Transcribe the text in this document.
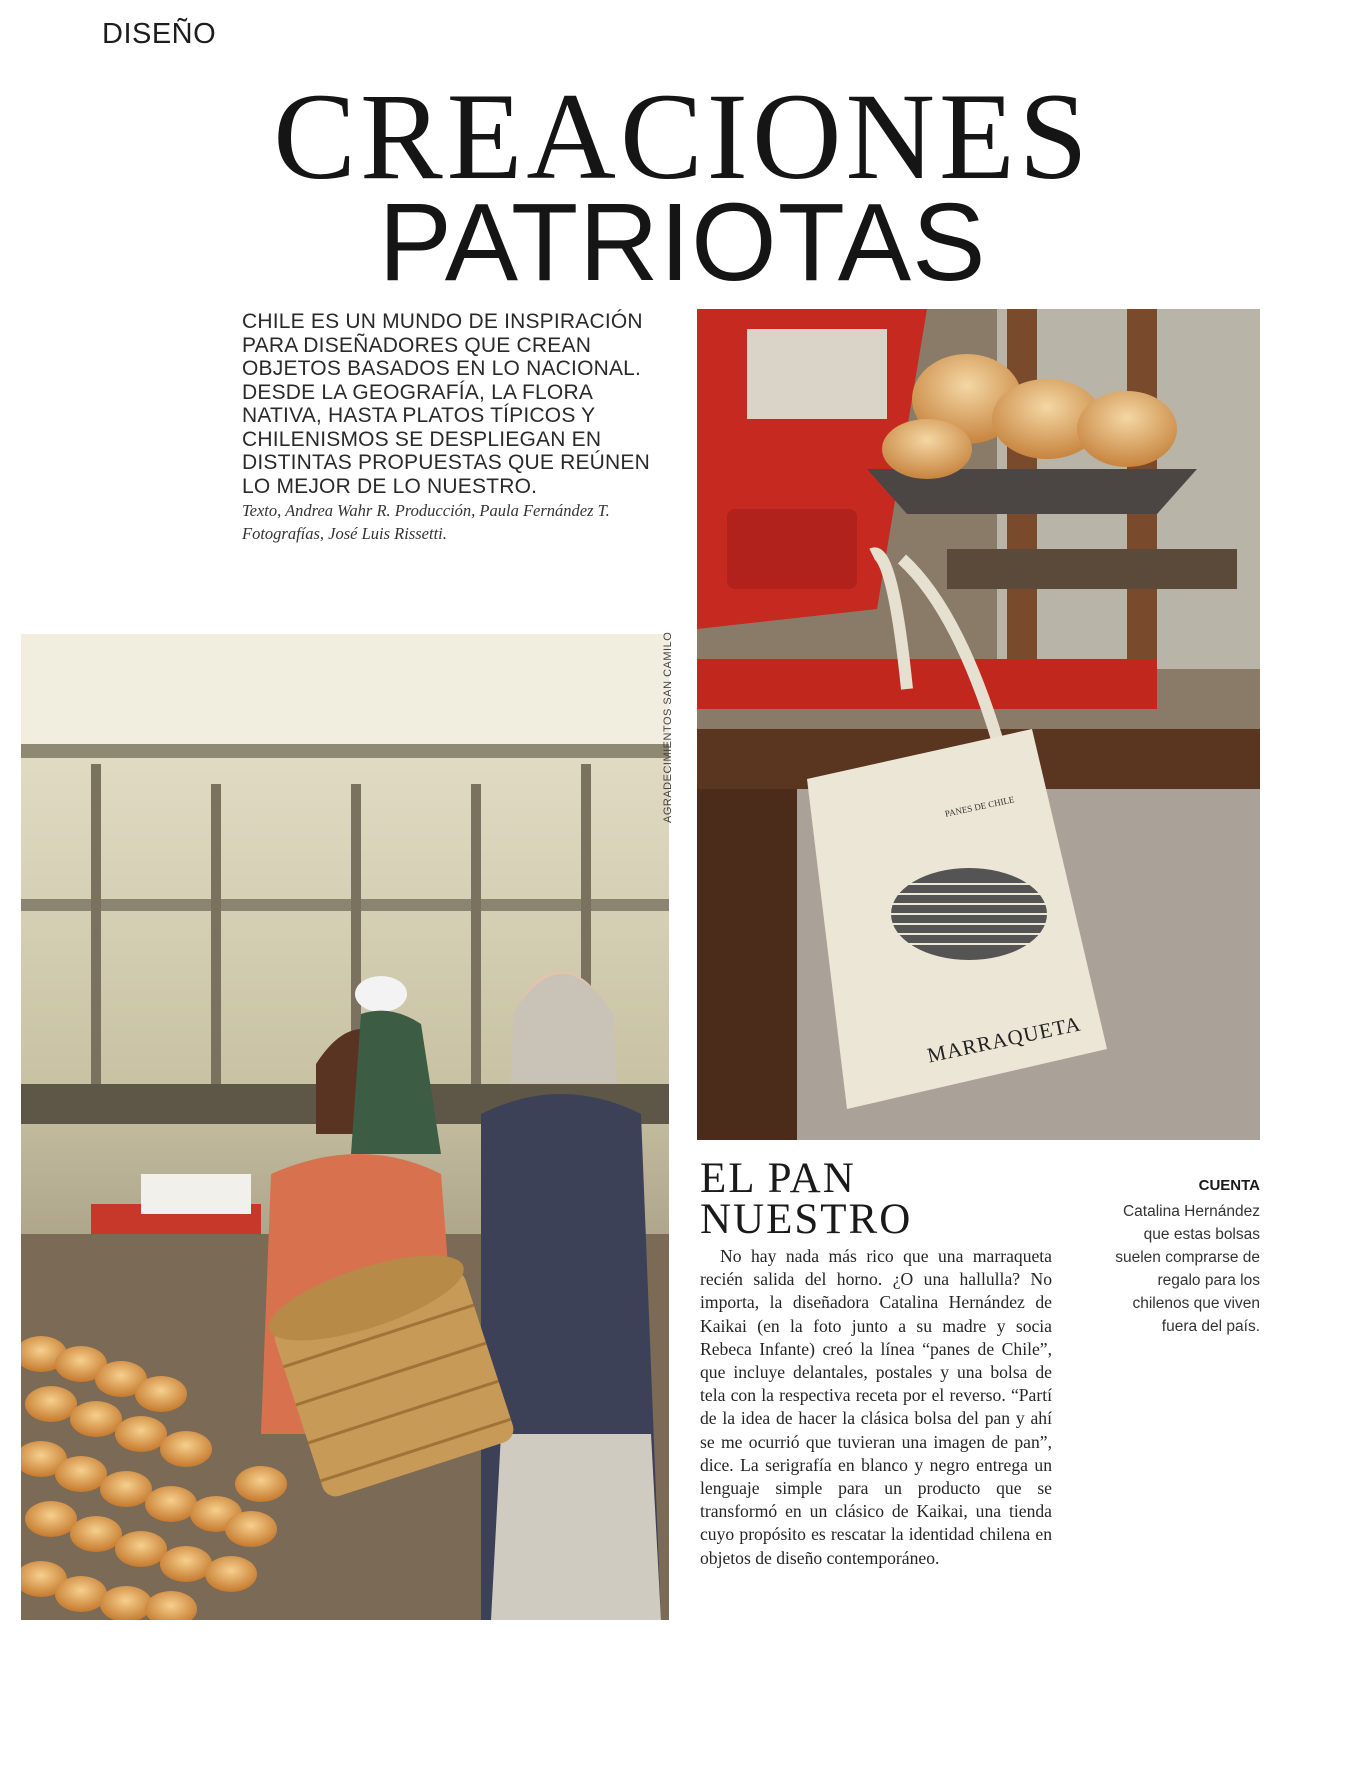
DISEÑO
CREACIONES
PATRIOTAS
CHILE ES UN MUNDO DE INSPIRACIÓN PARA DISEÑADORES QUE CREAN OBJETOS BASADOS EN LO NACIONAL. DESDE LA GEOGRAFÍA, LA FLORA NATIVA, HASTA PLATOS TÍPICOS Y CHILENISMOS SE DESPLIEGAN EN DISTINTAS PROPUESTAS QUE REÚNEN LO MEJOR DE LO NUESTRO.
Texto, Andrea Wahr R. Producción, Paula Fernández T.
Fotografías, José Luis Rissetti.
AGRADECIMIENTOS SAN CAMILO	PANES DE CHILE
MARRAQUETA
EL PAN
NUESTRO
No hay nada más rico que una marraqueta recién salida del horno. ¿O una hallulla? No importa, la diseñadora Catalina Hernández de Kaikai (en la foto junto a su madre y socia Rebeca Infante) creó la línea “panes de Chile”, que incluye delantales, postales y una bolsa de tela con la respectiva receta por el reverso. “Partí de la idea de hacer la clásica bolsa del pan y ahí se me ocurrió que tuvieran una imagen de pan”, dice. La serigrafía en blanco y negro entrega un lenguaje simple para un producto que se transformó en un clásico de Kaikai, una tienda cuyo propósito es rescatar la identidad chilena en objetos de diseño contemporáneo.
CUENTA
Catalina Hernández que estas bolsas suelen comprarse de regalo para los chilenos que viven fuera del país.
